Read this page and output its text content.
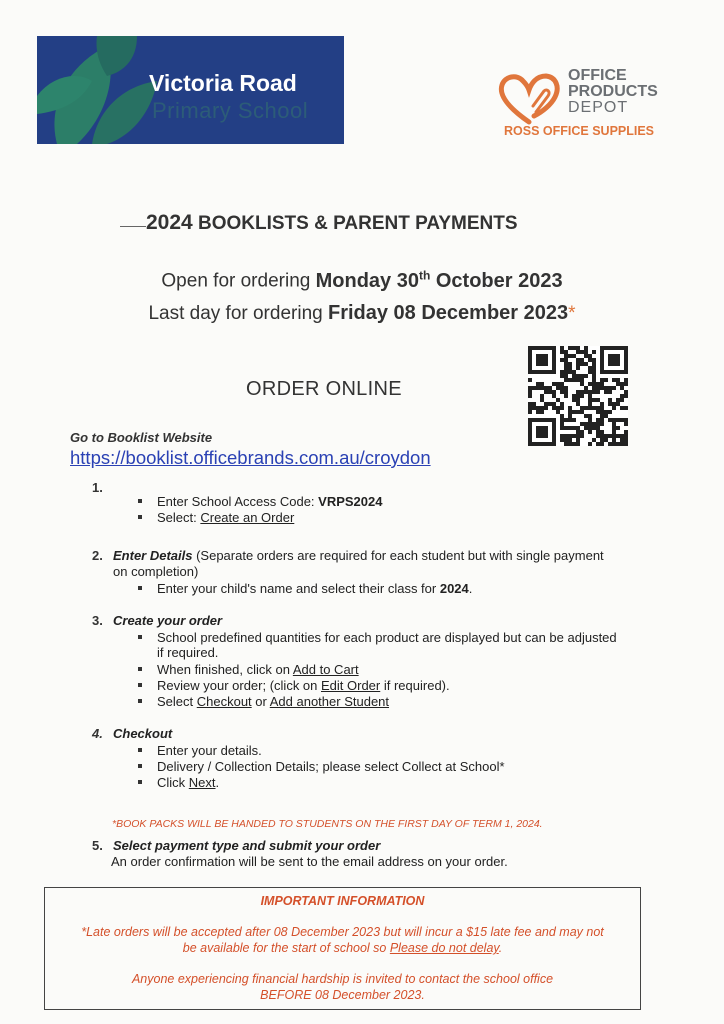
Victoria Road
Primary School
OFFICE
PRODUCTS
DEPOT
ROSS OFFICE SUPPLIES
2024 BOOKLISTS & PARENT PAYMENTS
Open for ordering Monday 30th October 2023
Last day for ordering Friday 08 December 2023*
ORDER ONLINE
Go to Booklist Website
https://booklist.officebrands.com.au/croydon
1.
Enter School Access Code: VRPS2024
Select: Create an Order
2. Enter Details (Separate orders are required for each student but with single payment
on completion)
Enter your child's name and select their class for 2024.
3. Create your order
School predefined quantities for each product are displayed but can be adjusted
if required.
When finished, click on Add to Cart
Review your order; (click on Edit Order if required).
Select Checkout or Add another Student
4. Checkout
Enter your details.
Delivery / Collection Details; please select Collect at School*
Click Next.
*BOOK PACKS WILL BE HANDED TO STUDENTS ON THE FIRST DAY OF TERM 1, 2024.
5. Select payment type and submit your order
An order confirmation will be sent to the email address on your order.
IMPORTANT INFORMATION
*Late orders will be accepted after 08 December 2023 but will incur a $15 late fee and may not
be available for the start of school so Please do not delay.
Anyone experiencing financial hardship is invited to contact the school office
BEFORE 08 December 2023.
